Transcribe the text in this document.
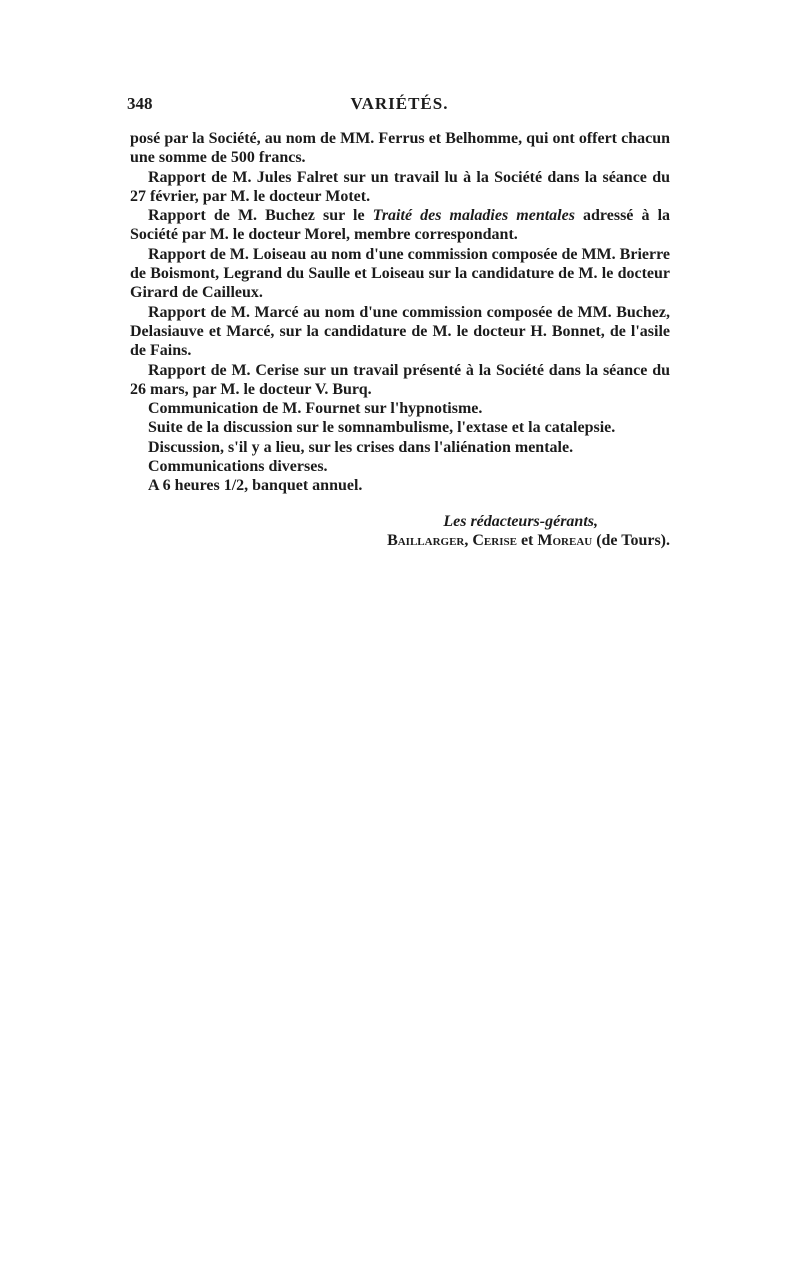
348	VARIÉTÉS.

posé par la Société, au nom de MM. Ferrus et Belhomme, qui ont offert chacun une somme de 500 francs.

Rapport de M. Jules Falret sur un travail lu à la Société dans la séance du 27 février, par M. le docteur Motet.

Rapport de M. Buchez sur le Traité des maladies mentales adressé à la Société par M. le docteur Morel, membre correspondant.

Rapport de M. Loiseau au nom d'une commission composée de MM. Brierre de Boismont, Legrand du Saulle et Loiseau sur la candidature de M. le docteur Girard de Cailleux.

Rapport de M. Marcé au nom d'une commission composée de MM. Buchez, Delasiauve et Marcé, sur la candidature de M. le docteur H. Bonnet, de l'asile de Fains.

Rapport de M. Cerise sur un travail présenté à la Société dans la séance du 26 mars, par M. le docteur V. Burq.

Communication de M. Fournet sur l'hypnotisme.

Suite de la discussion sur le somnambulisme, l'extase et la catalepsie.

Discussion, s'il y a lieu, sur les crises dans l'aliénation mentale.

Communications diverses.

A 6 heures 1/2, banquet annuel.

Les rédacteurs-gérants,
Baillarger, Cerise et Moreau (de Tours).
